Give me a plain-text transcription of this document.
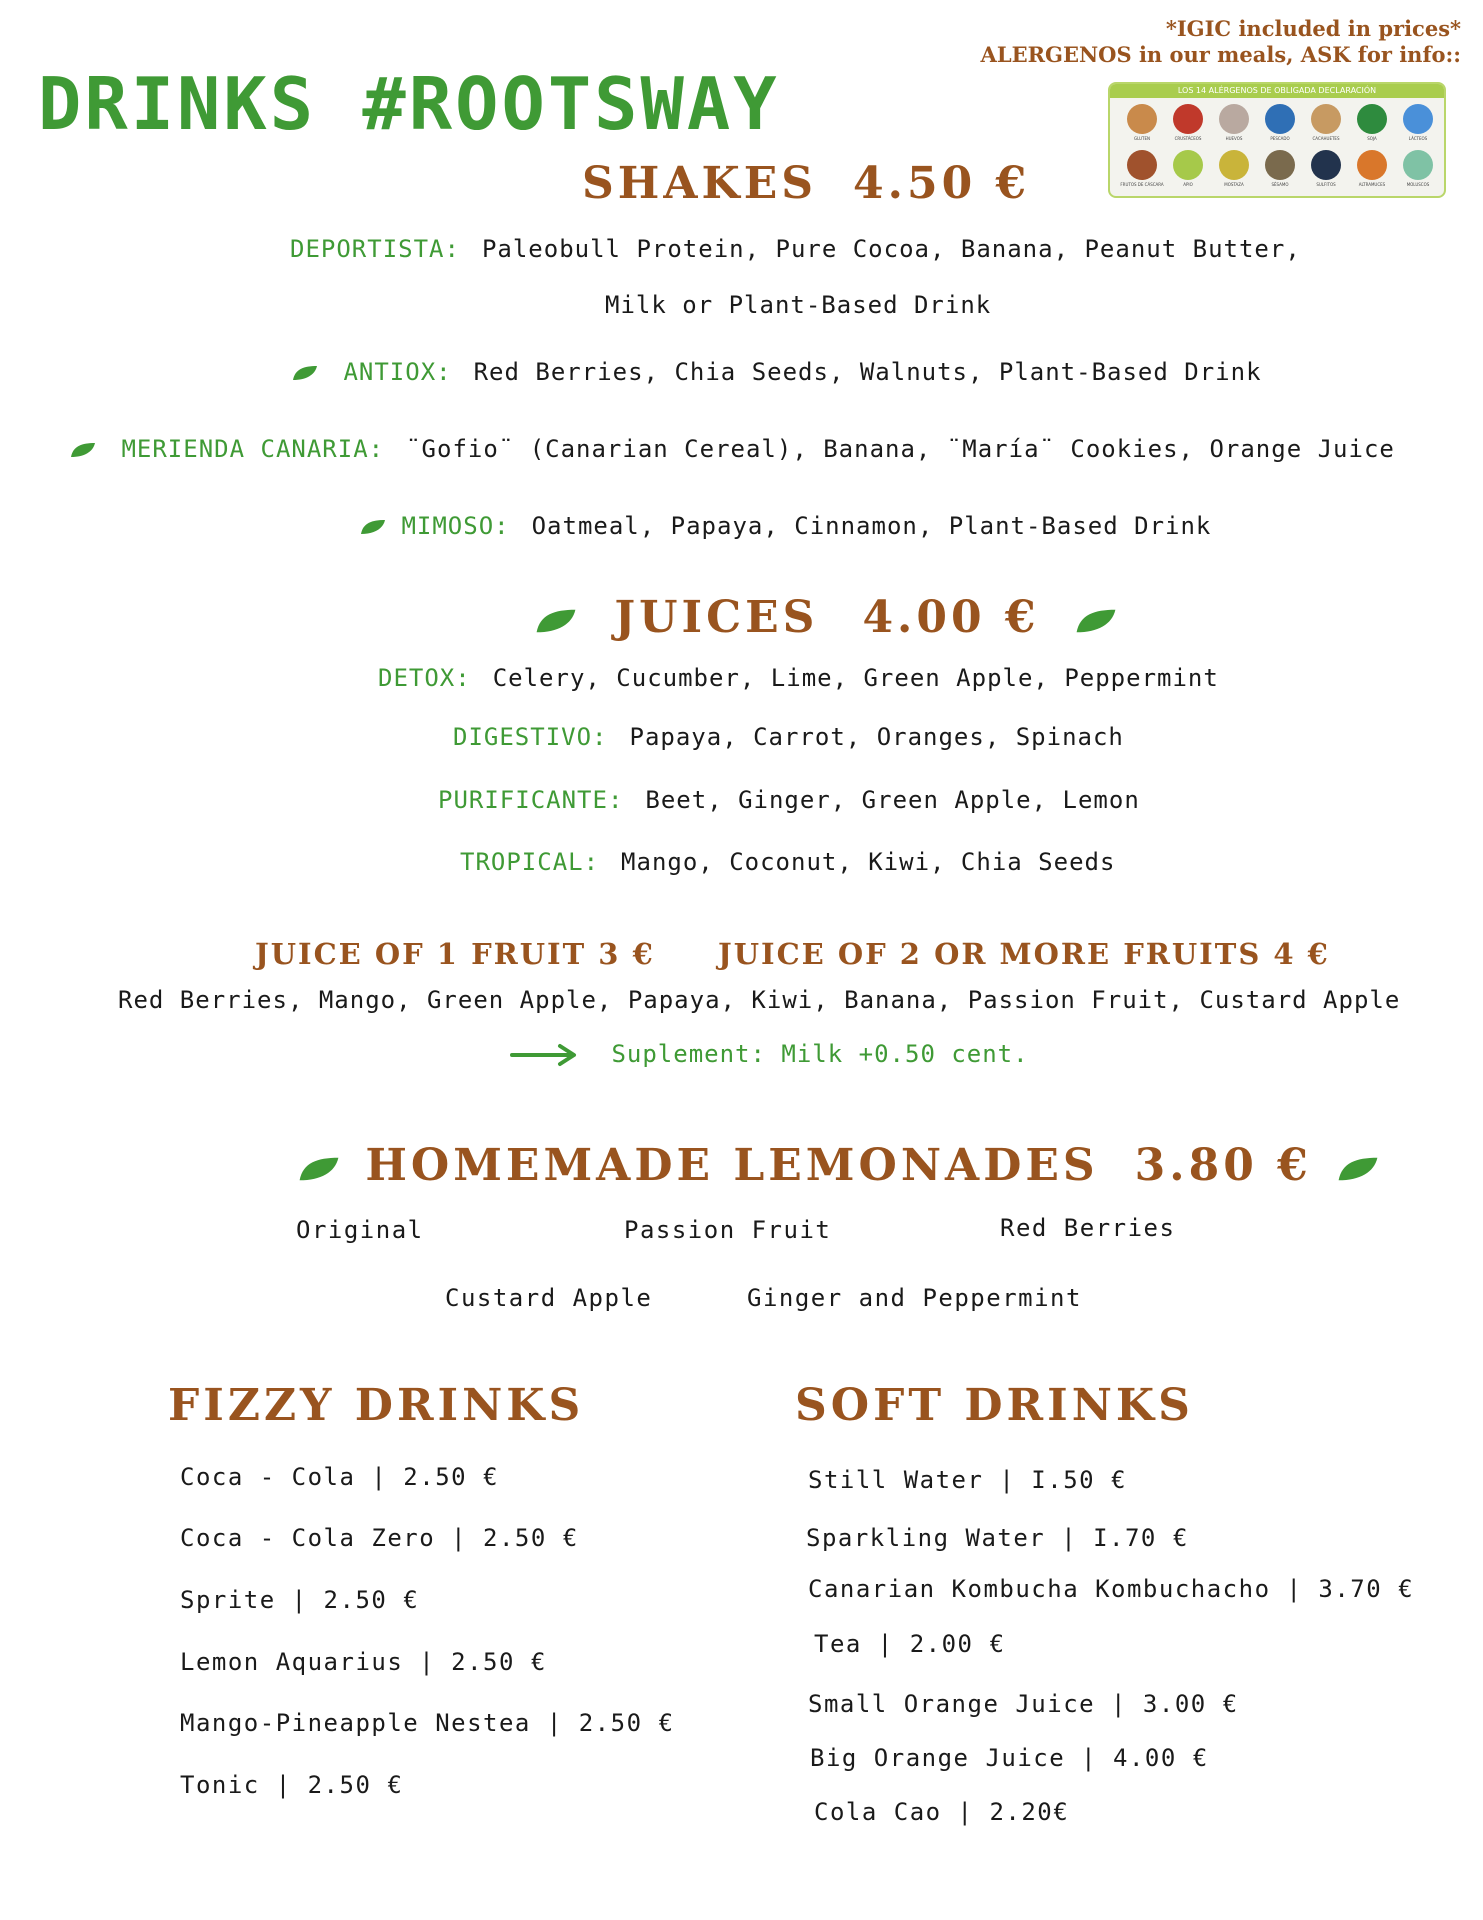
DRINKS #ROOTSWAY
*IGIC included in prices*
ALERGENOS in our meals, ASK for info::
LOS 14 ALÉRGENOS DE OBLIGADA DECLARACIÓN
GLUTEN	CRUSTÁCEOS	HUEVOS	PESCADO	CACAHUETES	SOJA	LÁCTEOS
FRUTOS DE CÁSCARA	APIO	MOSTAZA	SÉSAMO	SULFITOS	ALTRAMUCES	MOLUSCOS
SHAKES 4.50 €
DEPORTISTA: Paleobull Protein, Pure Cocoa, Banana, Peanut Butter,
Milk or Plant-Based Drink
ANTIOX: Red Berries, Chia Seeds, Walnuts, Plant-Based Drink
MERIENDA CANARIA: ¨Gofio¨ (Canarian Cereal), Banana, ¨María¨ Cookies, Orange Juice
MIMOSO: Oatmeal, Papaya, Cinnamon, Plant-Based Drink
JUICES 4.00 €
DETOX: Celery, Cucumber, Lime, Green Apple, Peppermint
DIGESTIVO: Papaya, Carrot, Oranges, Spinach
PURIFICANTE: Beet, Ginger, Green Apple, Lemon
TROPICAL: Mango, Coconut, Kiwi, Chia Seeds
JUICE OF 1 FRUIT 3 € JUICE OF 2 OR MORE FRUITS 4 €
Red Berries, Mango, Green Apple, Papaya, Kiwi, Banana, Passion Fruit, Custard Apple
Suplement: Milk +0.50 cent.
HOMEMADE LEMONADES 3.80 €
Original	Passion Fruit	Red Berries
Custard Apple	Ginger and Peppermint
FIZZY DRINKS
Coca - Cola | 2.50 €
Coca - Cola Zero | 2.50 €
Sprite | 2.50 €
Lemon Aquarius | 2.50 €
Mango-Pineapple Nestea | 2.50 €
Tonic | 2.50 €
SOFT DRINKS
Still Water | I.50 €
Sparkling Water | I.70 €
Canarian Kombucha Kombuchacho | 3.70 €
Tea | 2.00 €
Small Orange Juice | 3.00 €
Big Orange Juice | 4.00 €
Cola Cao | 2.20€
